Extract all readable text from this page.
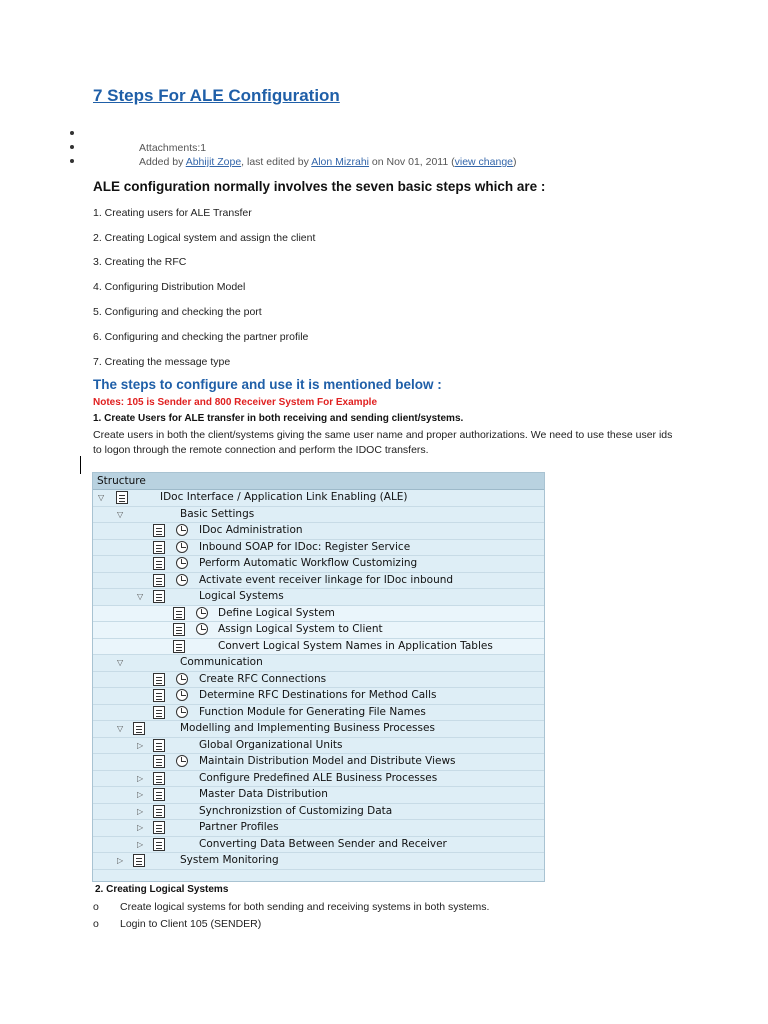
7 Steps For ALE Configuration
Attachments:1
Added by Abhijit Zope, last edited by Alon Mizrahi on Nov 01, 2011 (view change)
ALE configuration normally involves the seven basic steps which are :
1. Creating users for ALE Transfer
2. Creating Logical system and assign the client
3. Creating the RFC
4. Configuring Distribution Model
5. Configuring and checking the port
6. Configuring and checking the partner profile
7. Creating the message type
The steps to configure and use it is mentioned below :
Notes: 105 is Sender and 800 Receiver System For Example
1. Create Users for ALE transfer in both receiving and sending client/systems.
Create users in both the client/systems giving the same user name and proper authorizations. We need to use these user ids to logon through the remote connection and perform the IDOC transfers.
Structure
▽	IDoc Interface / Application Link Enabling (ALE)
▽	Basic Settings
IDoc Administration
Inbound SOAP for IDoc: Register Service
Perform Automatic Workflow Customizing
Activate event receiver linkage for IDoc inbound
▽	Logical Systems
Define Logical System
Assign Logical System to Client
Convert Logical System Names in Application Tables
▽	Communication
Create RFC Connections
Determine RFC Destinations for Method Calls
Function Module for Generating File Names
▽	Modelling and Implementing Business Processes
▷	Global Organizational Units
Maintain Distribution Model and Distribute Views
▷	Configure Predefined ALE Business Processes
▷	Master Data Distribution
▷	Synchronizstion of Customizing Data
▷	Partner Profiles
▷	Converting Data Between Sender and Receiver
▷	System Monitoring
2. Creating Logical Systems
o Create logical systems for both sending and receiving systems in both systems.
o Login to Client 105 (SENDER)
